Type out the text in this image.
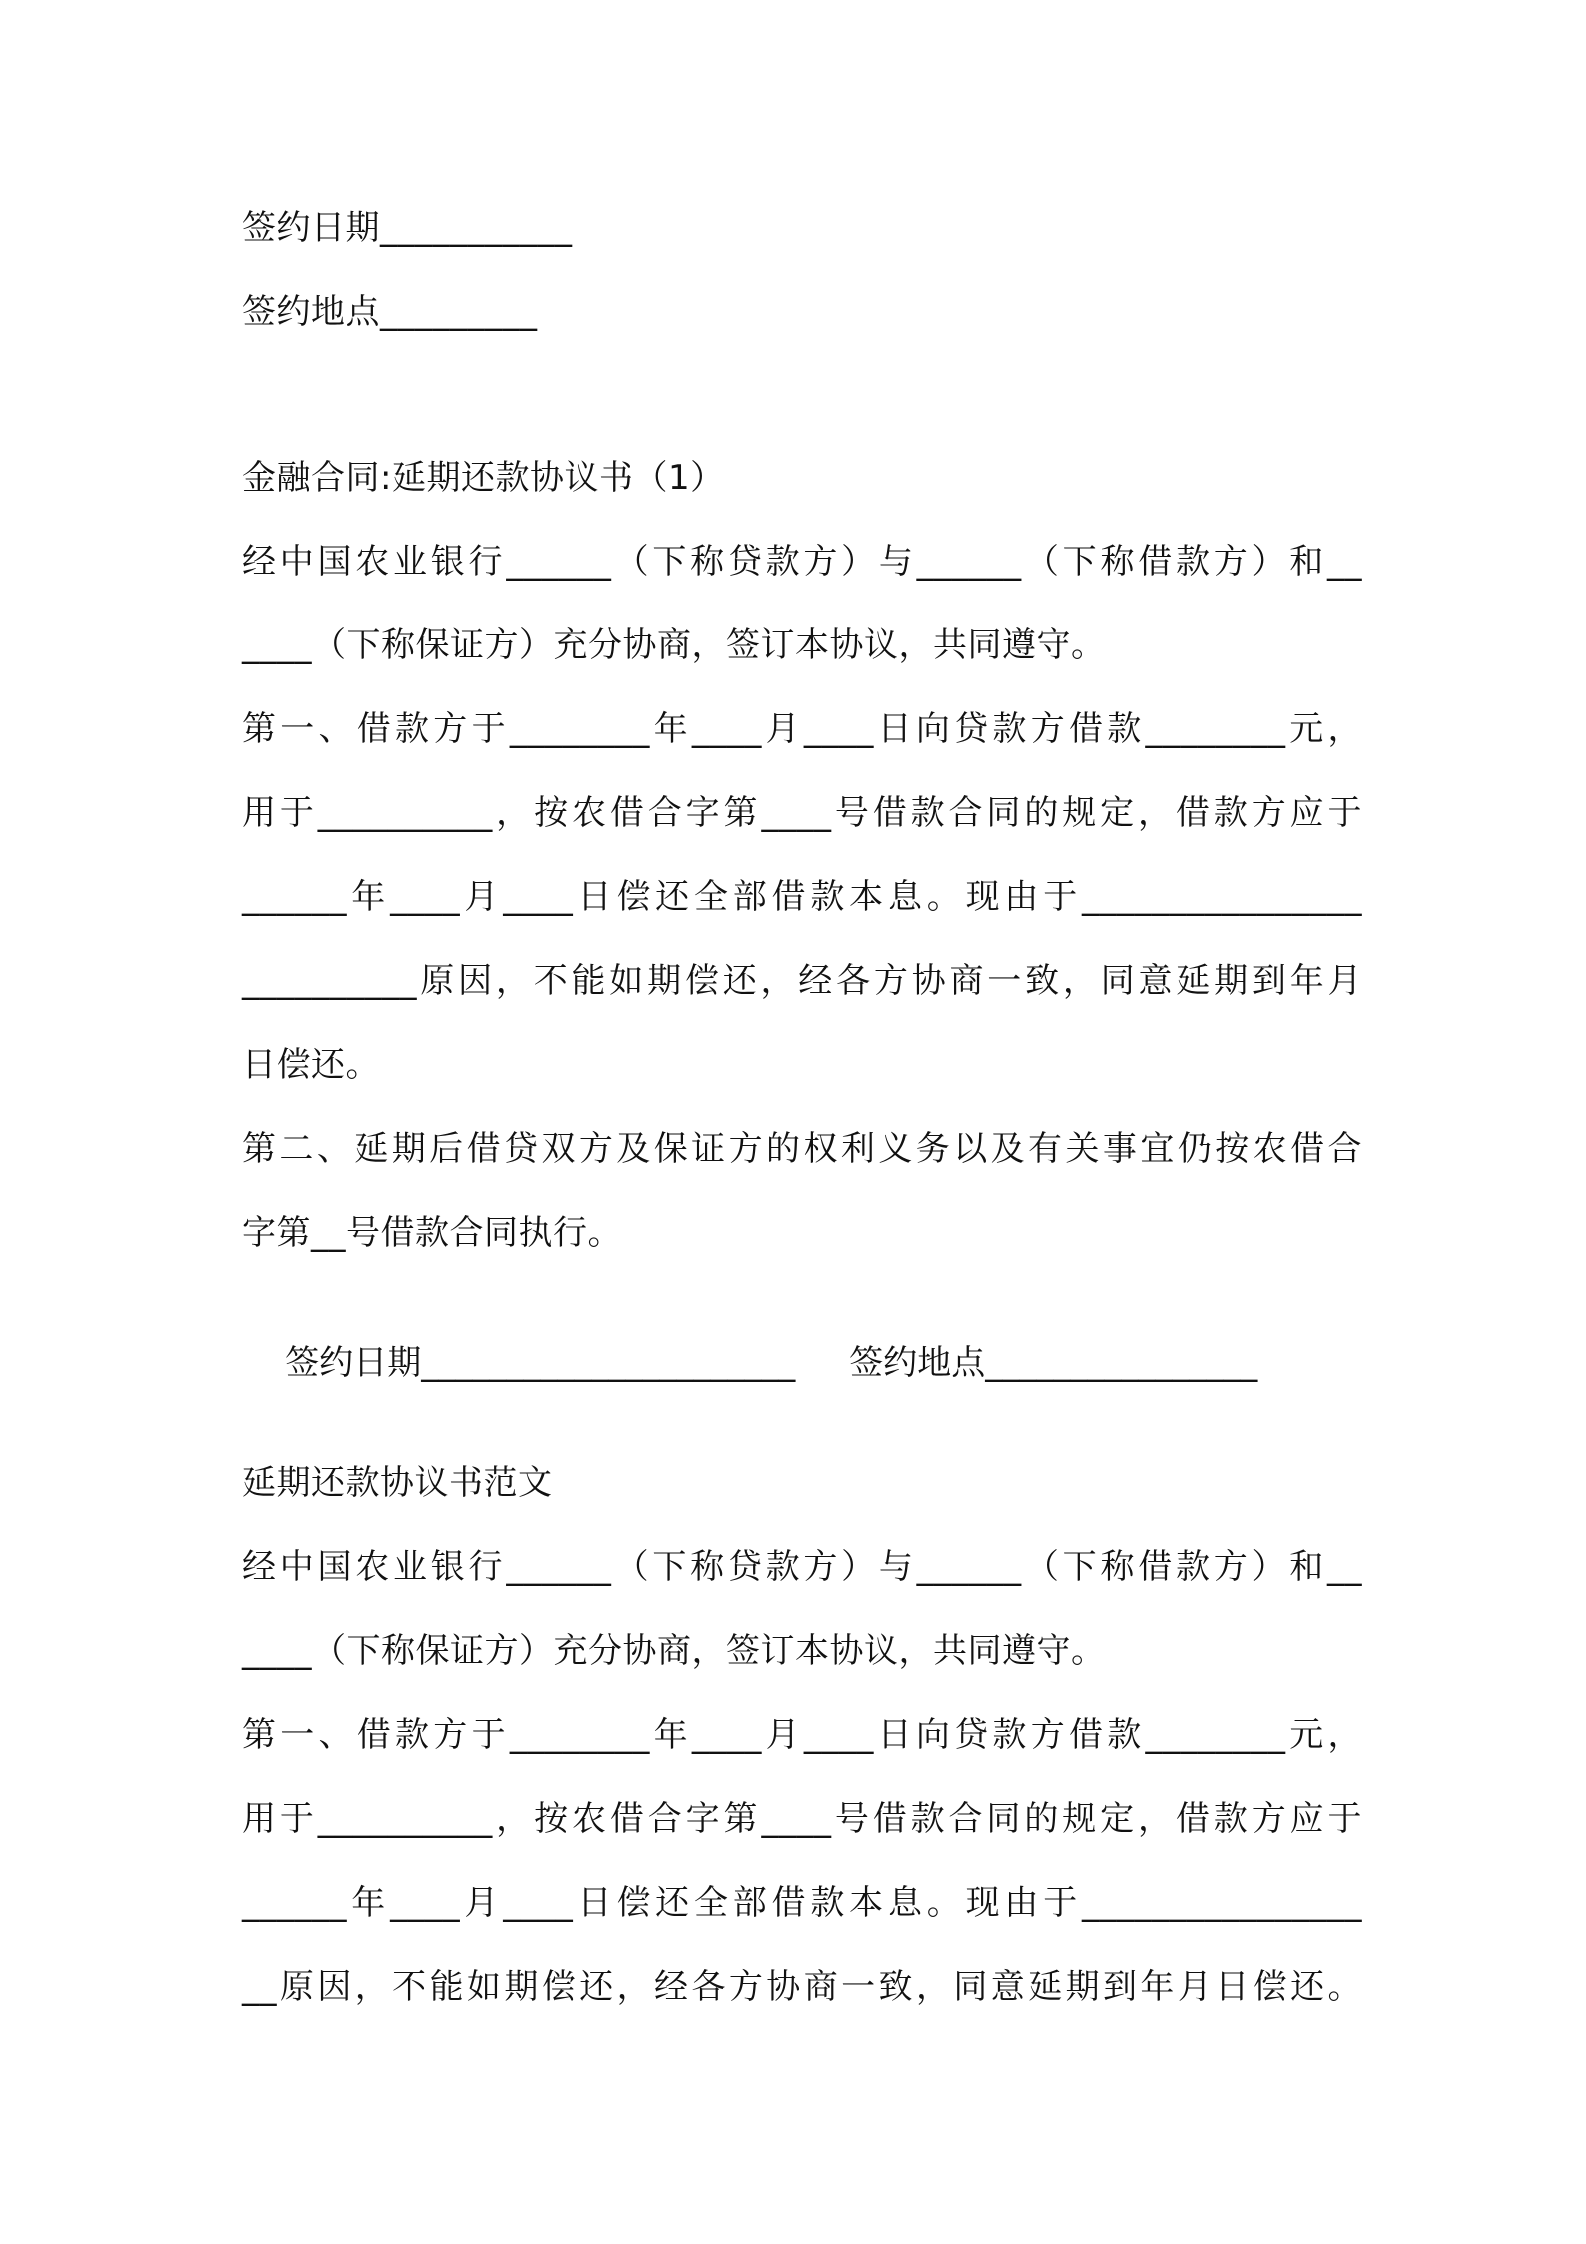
签约日期___________
签约地点_________
金融合同:延期还款协议书（1）
经中国农业银行______（下称贷款方）与______（下称借款方）和__
____（下称保证方）充分协商，签订本协议，共同遵守。
第一、借款方于________年____月____日向贷款方借款________元，
用于__________，按农借合字第____号借款合同的规定，借款方应于
______年____月____日偿还全部借款本息。现由于________________
__________原因，不能如期偿还，经各方协商一致，同意延期到年月
日偿还。
第二、延期后借贷双方及保证方的权利义务以及有关事宜仍按农借合
字第__号借款合同执行。

签约日期______________________ 签约地点________________

延期还款协议书范文
经中国农业银行______（下称贷款方）与______（下称借款方）和__
____（下称保证方）充分协商，签订本协议，共同遵守。
第一、借款方于________年____月____日向贷款方借款________元，
用于__________，按农借合字第____号借款合同的规定，借款方应于
______年____月____日偿还全部借款本息。现由于________________
__原因，不能如期偿还，经各方协商一致，同意延期到年月日偿还。
